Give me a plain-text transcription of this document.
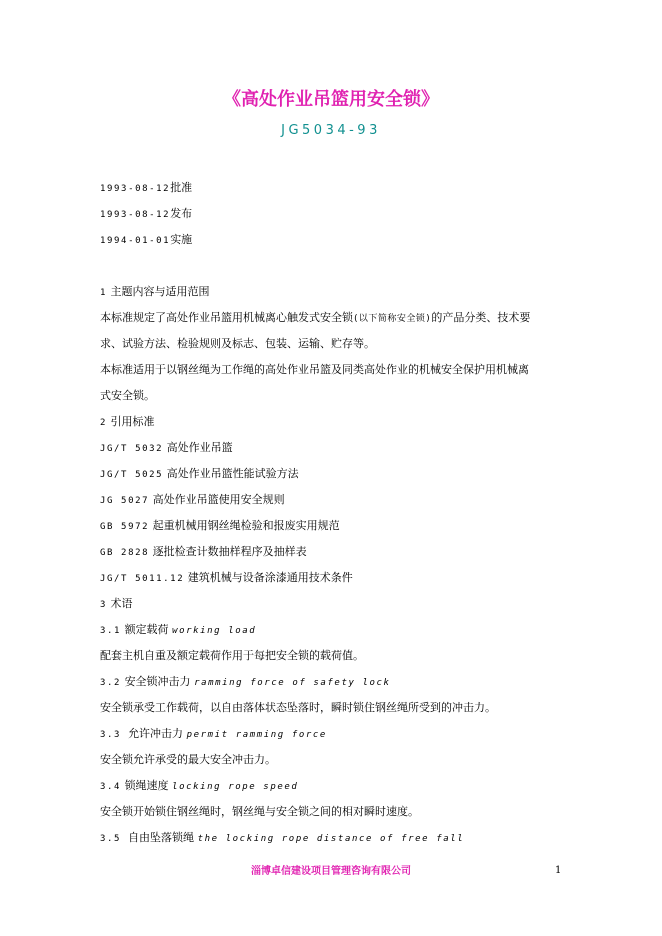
《高处作业吊篮用安全锁》
JG5034-93
1993-08-12批准
1993-08-12发布
1994-01-01实施
1 主题内容与适用范围
本标准规定了高处作业吊篮用机械离心触发式安全锁(以下简称安全锁)的产品分类、技术要
求、试验方法、检验规则及标志、包装、运输、贮存等。
本标准适用于以钢丝绳为工作绳的高处作业吊篮及同类高处作业的机械安全保护用机械离
式安全锁。
2 引用标准
JG/T 5032 高处作业吊篮
JG/T 5025 高处作业吊篮性能试验方法
JG 5027 高处作业吊篮使用安全规则
GB 5972 起重机械用钢丝绳检验和报废实用规范
GB 2828 逐批检查计数抽样程序及抽样表
JG/T 5011.12 建筑机械与设备涂漆通用技术条件
3 术语
3.1 额定载荷 working load
配套主机自重及额定载荷作用于每把安全锁的载荷值。
3.2 安全锁冲击力 ramming force of safety lock
安全锁承受工作载荷，以自由落体状态坠落时，瞬时锁住钢丝绳所受到的冲击力。
3.3 允许冲击力 permit ramming force
安全锁允许承受的最大安全冲击力。
3.4 锁绳速度 locking rope speed
安全锁开始锁住钢丝绳时，钢丝绳与安全锁之间的相对瞬时速度。
3.5 自由坠落锁绳 the locking rope distance of free fall
淄博卓信建设项目管理咨询有限公司	1
